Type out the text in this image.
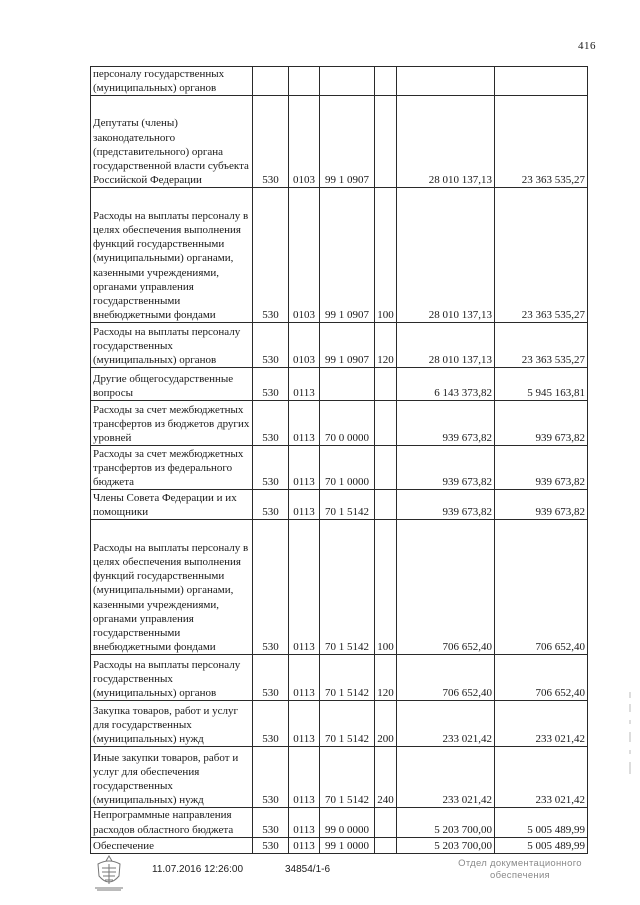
416
персоналу государственных (муниципальных) органов						
Депутаты (члены) законодательного (представительного) органа государственной власти субъекта Российской Федерации	530	0103	99 1 0907		28 010 137,13	23 363 535,27
Расходы на выплаты персоналу в целях обеспечения выполнения функций государственными (муниципальными) органами, казенными учреждениями, органами управления государственными внебюджетными фондами	530	0103	99 1 0907	100	28 010 137,13	23 363 535,27
Расходы на выплаты персоналу государственных (муниципальных) органов	530	0103	99 1 0907	120	28 010 137,13	23 363 535,27
Другие общегосударственные вопросы	530	0113			6 143 373,82	5 945 163,81
Расходы за счет межбюджетных трансфертов из бюджетов других уровней	530	0113	70 0 0000		939 673,82	939 673,82
Расходы за счет межбюджетных трансфертов из федерального бюджета	530	0113	70 1 0000		939 673,82	939 673,82
Члены Совета Федерации и их помощники	530	0113	70 1 5142		939 673,82	939 673,82
Расходы на выплаты персоналу в целях обеспечения выполнения функций государственными (муниципальными) органами, казенными учреждениями, органами управления государственными внебюджетными фондами	530	0113	70 1 5142	100	706 652,40	706 652,40
Расходы на выплаты персоналу государственных (муниципальных) органов	530	0113	70 1 5142	120	706 652,40	706 652,40
Закупка товаров, работ и услуг для государственных (муниципальных) нужд	530	0113	70 1 5142	200	233 021,42	233 021,42
Иные закупки товаров, работ и услуг для обеспечения государственных (муниципальных) нужд	530	0113	70 1 5142	240	233 021,42	233 021,42
Непрограммные направления расходов областного бюджета	530	0113	99 0 0000		5 203 700,00	5 005 489,99
Обеспечение	530	0113	99 1 0000		5 203 700,00	5 005 489,99
11.07.2016 12:26:00	34854/1-6
Отдел документационного
обеспечения
